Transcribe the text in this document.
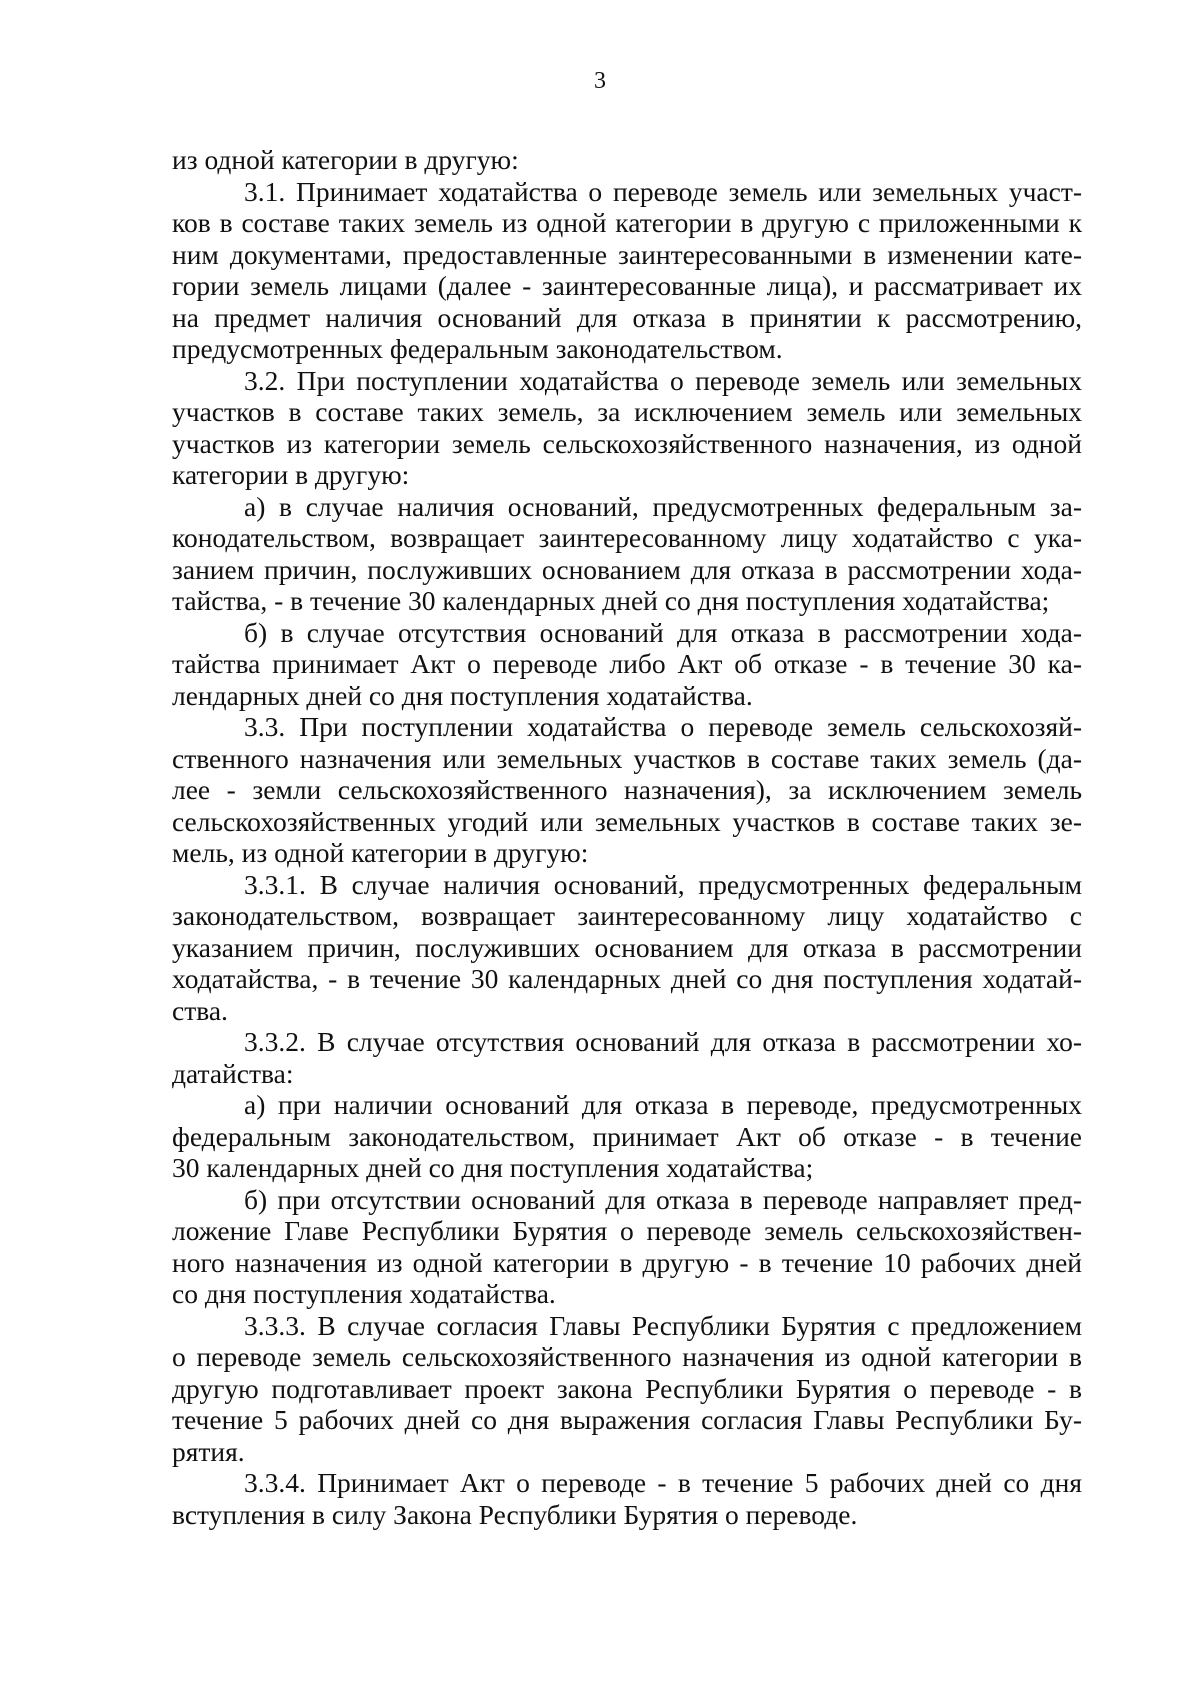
3
из одной категории в другую:
3.1. Принимает ходатайства о переводе земель или земельных участ-
ков в составе таких земель из одной категории в другую с приложенными к
ним документами, предоставленные заинтересованными в изменении кате-
гории земель лицами (далее - заинтересованные лица), и рассматривает их
на предмет наличия оснований для отказа в принятии к рассмотрению,
предусмотренных федеральным законодательством.
3.2. При поступлении ходатайства о переводе земель или земельных
участков в составе таких земель, за исключением земель или земельных
участков из категории земель сельскохозяйственного назначения, из одной
категории в другую:
а) в случае наличия оснований, предусмотренных федеральным за-
конодательством, возвращает заинтересованному лицу ходатайство с ука-
занием причин, послуживших основанием для отказа в рассмотрении хода-
тайства, - в течение 30 календарных дней со дня поступления ходатайства;
б) в случае отсутствия оснований для отказа в рассмотрении хода-
тайства принимает Акт о переводе либо Акт об отказе - в течение 30 ка-
лендарных дней со дня поступления ходатайства.
3.3. При поступлении ходатайства о переводе земель сельскохозяй-
ственного назначения или земельных участков в составе таких земель (да-
лее - земли сельскохозяйственного назначения), за исключением земель
сельскохозяйственных угодий или земельных участков в составе таких зе-
мель, из одной категории в другую:
3.3.1. В случае наличия оснований, предусмотренных федеральным
законодательством, возвращает заинтересованному лицу ходатайство с
указанием причин, послуживших основанием для отказа в рассмотрении
ходатайства, - в течение 30 календарных дней со дня поступления ходатай-
ства.
3.3.2. В случае отсутствия оснований для отказа в рассмотрении хо-
датайства:
а) при наличии оснований для отказа в переводе, предусмотренных
федеральным законодательством, принимает Акт об отказе - в течение
30 календарных дней со дня поступления ходатайства;
б) при отсутствии оснований для отказа в переводе направляет пред-
ложение Главе Республики Бурятия о переводе земель сельскохозяйствен-
ного назначения из одной категории в другую - в течение 10 рабочих дней
со дня поступления ходатайства.
3.3.3. В случае согласия Главы Республики Бурятия с предложением
о переводе земель сельскохозяйственного назначения из одной категории в
другую подготавливает проект закона Республики Бурятия о переводе - в
течение 5 рабочих дней со дня выражения согласия Главы Республики Бу-
рятия.
3.3.4. Принимает Акт о переводе - в течение 5 рабочих дней со дня
вступления в силу Закона Республики Бурятия о переводе.
